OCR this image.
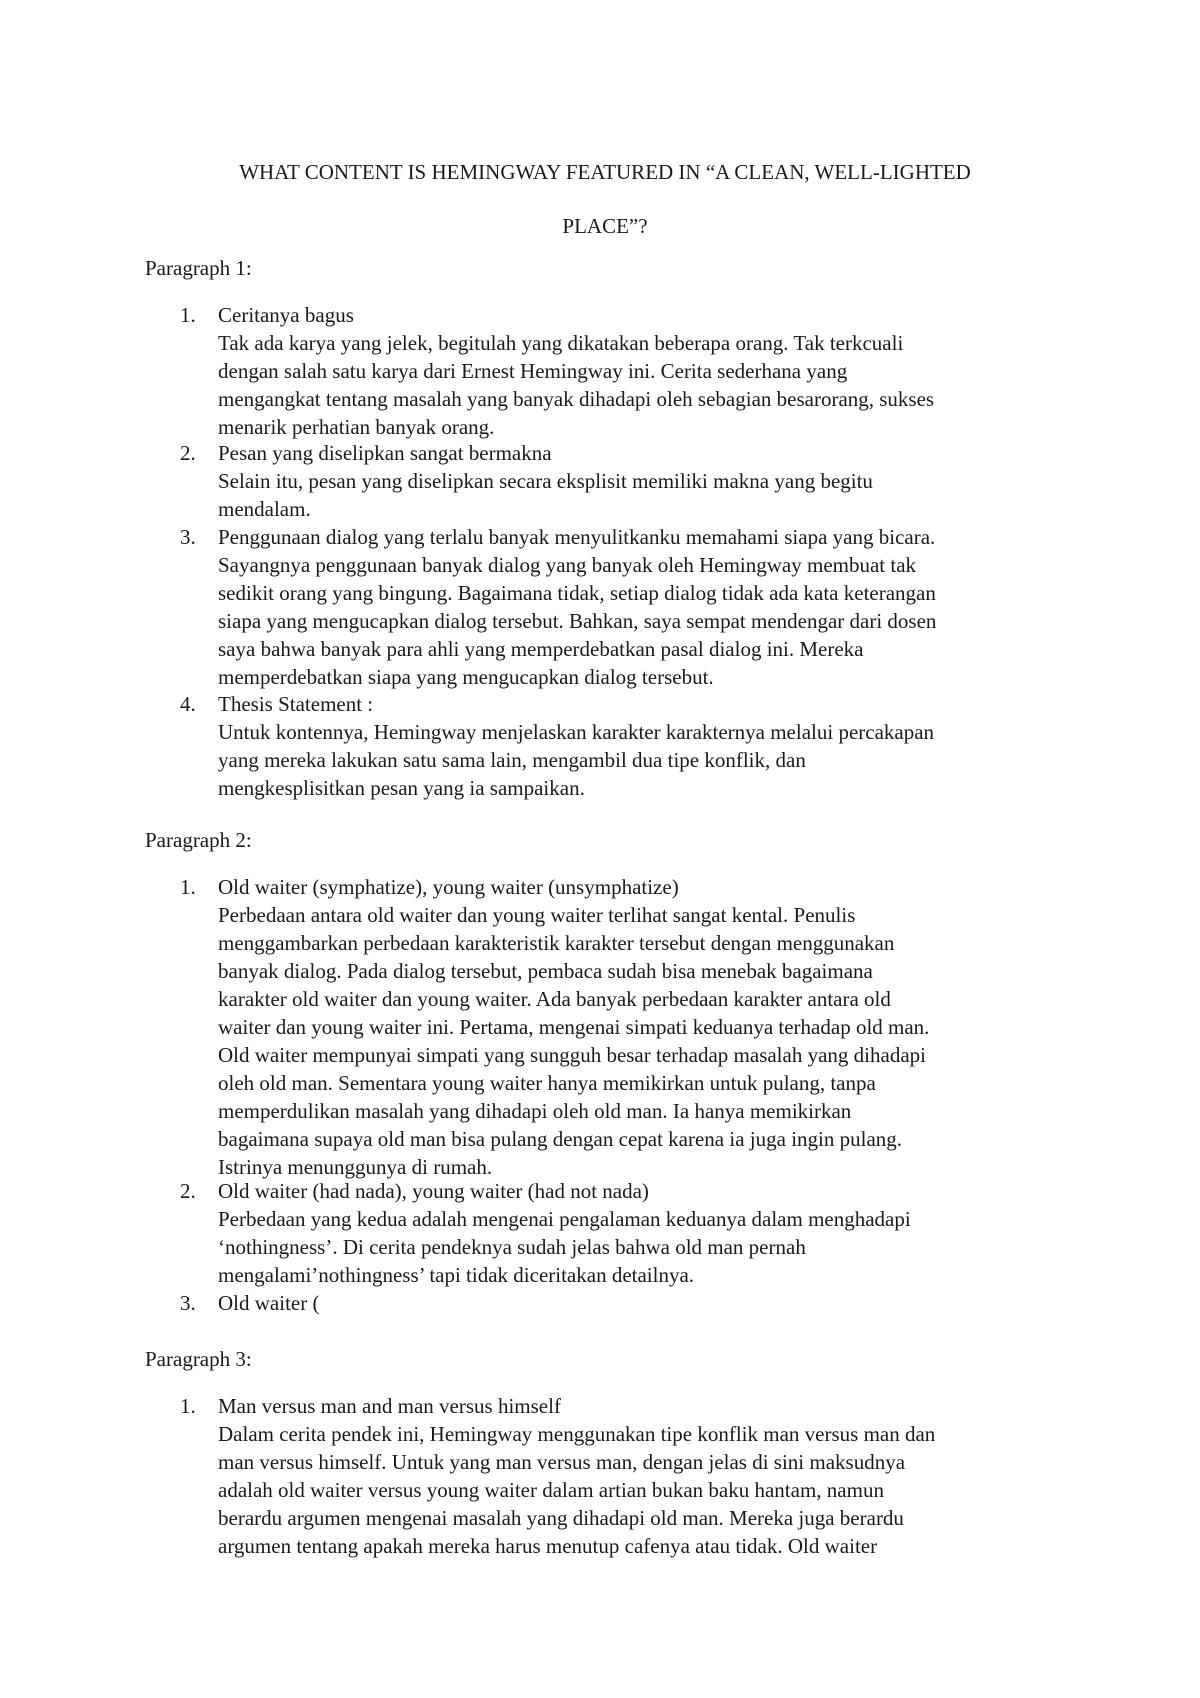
WHAT CONTENT IS HEMINGWAY FEATURED IN “A CLEAN, WELL-LIGHTED
PLACE”?
Paragraph 1:
1.	Ceritanya bagus
Tak ada karya yang jelek, begitulah yang dikatakan beberapa orang. Tak terkcuali
dengan salah satu karya dari Ernest Hemingway ini. Cerita sederhana yang
mengangkat tentang masalah yang banyak dihadapi oleh sebagian besarorang, sukses
menarik perhatian banyak orang.
2.	Pesan yang diselipkan sangat bermakna
Selain itu, pesan yang diselipkan secara eksplisit memiliki makna yang begitu
mendalam.
3.	Penggunaan dialog yang terlalu banyak menyulitkanku memahami siapa yang bicara.
Sayangnya penggunaan banyak dialog yang banyak oleh Hemingway membuat tak
sedikit orang yang bingung. Bagaimana tidak, setiap dialog tidak ada kata keterangan
siapa yang mengucapkan dialog tersebut. Bahkan, saya sempat mendengar dari dosen
saya bahwa banyak para ahli yang memperdebatkan pasal dialog ini. Mereka
memperdebatkan siapa yang mengucapkan dialog tersebut.
4.	Thesis Statement :
Untuk kontennya, Hemingway menjelaskan karakter karakternya melalui percakapan
yang mereka lakukan satu sama lain, mengambil dua tipe konflik, dan
mengkesplisitkan pesan yang ia sampaikan.
Paragraph 2:
1.	Old waiter (symphatize), young waiter (unsymphatize)
Perbedaan antara old waiter dan young waiter terlihat sangat kental. Penulis
menggambarkan perbedaan karakteristik karakter tersebut dengan menggunakan
banyak dialog. Pada dialog tersebut, pembaca sudah bisa menebak bagaimana
karakter old waiter dan young waiter. Ada banyak perbedaan karakter antara old
waiter dan young waiter ini. Pertama, mengenai simpati keduanya terhadap old man.
Old waiter mempunyai simpati yang sungguh besar terhadap masalah yang dihadapi
oleh old man. Sementara young waiter hanya memikirkan untuk pulang, tanpa
memperdulikan masalah yang dihadapi oleh old man. Ia hanya memikirkan
bagaimana supaya old man bisa pulang dengan cepat karena ia juga ingin pulang.
Istrinya menunggunya di rumah.
2.	Old waiter (had nada), young waiter (had not nada)
Perbedaan yang kedua adalah mengenai pengalaman keduanya dalam menghadapi
‘nothingness’. Di cerita pendeknya sudah jelas bahwa old man pernah
mengalami’nothingness’ tapi tidak diceritakan detailnya.
3.	Old waiter (
Paragraph 3:
1.	Man versus man and man versus himself
Dalam cerita pendek ini, Hemingway menggunakan tipe konflik man versus man dan
man versus himself. Untuk yang man versus man, dengan jelas di sini maksudnya
adalah old waiter versus young waiter dalam artian bukan baku hantam, namun
berardu argumen mengenai masalah yang dihadapi old man. Mereka juga berardu
argumen tentang apakah mereka harus menutup cafenya atau tidak. Old waiter
